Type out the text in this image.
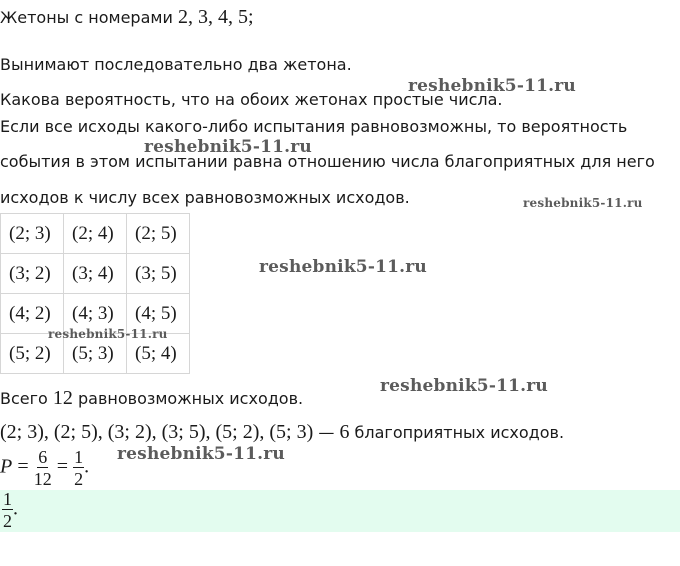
Жетоны с номерами 2, 3, 4, 5;
Вынимают последовательно два жетона.
Какова вероятность, что на обоих жетонах простые числа.
Если все исходы какого-либо испытания равновозможны, то вероятность
события в этом испытании равна отношению числа благоприятных для него
исходов к числу всех равновозможных исходов.
(2; 3)	(2; 4)	(2; 5)
(3; 2)	(3; 4)	(3; 5)
(4; 2)	(4; 3)	(4; 5)
(5; 2)	(5; 3)	(5; 4)
Всего 12 равновозможных исходов.
(2; 3), (2; 5), (3; 2), (3; 5), (5; 2), (5; 3) — 6 благоприятных исходов.
$P = \frac{6}{12} = \frac{1}{2}$ .
$\frac{1}{2}$ .
reshebnik5-11.ru
reshebnik5-11.ru
reshebnik5-11.ru
reshebnik5-11.ru
reshebnik5-11.ru
reshebnik5-11.ru
reshebnik5-11.ru
